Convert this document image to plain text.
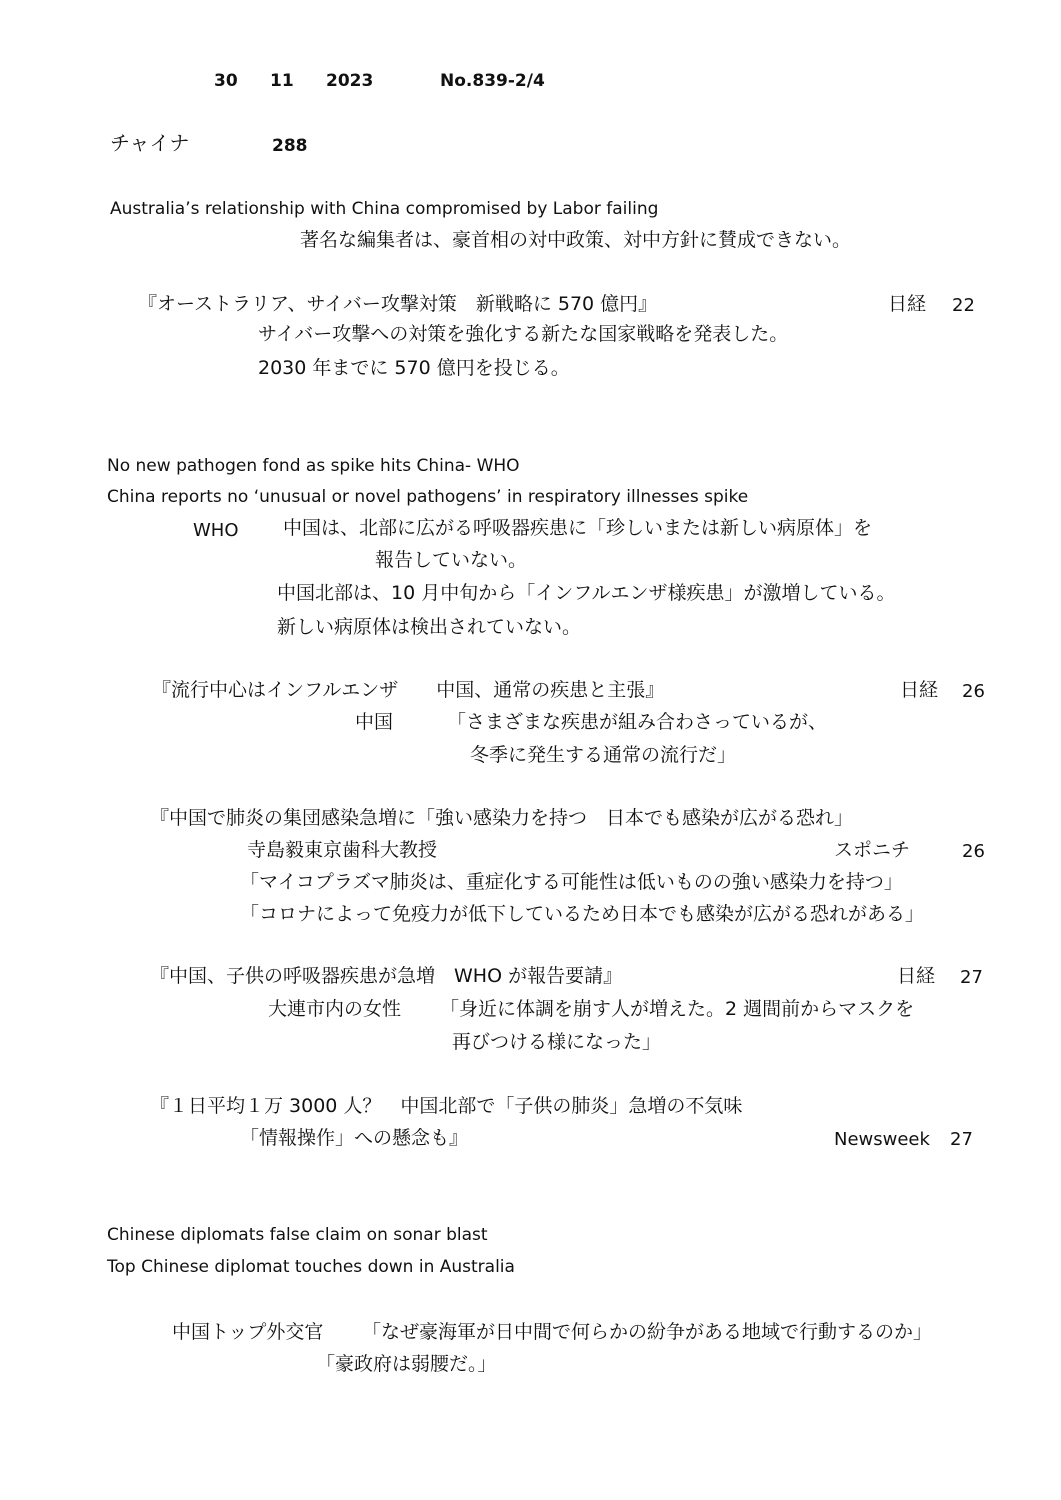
30 11 2023	No.839-2/4
チャイナ	288
Australia’s relationship with China compromised by Labor failing
著名な編集者は、豪首相の対中政策、対中方針に賛成できない。
『オーストラリア、サイバー攻撃対策　新戦略に 570 億円』	日経 22
サイバー攻撃への対策を強化する新たな国家戦略を発表した。
2030 年までに 570 億円を投じる。
No new pathogen fond as spike hits China- WHO
China reports no ‘unusual or novel pathogens’ in respiratory illnesses spike
WHO 中国は、北部に広がる呼吸器疾患に「珍しいまたは新しい病原体」を
報告していない。
中国北部は、10 月中旬から「インフルエンザ様疾患」が激増している。
新しい病原体は検出されていない。
『流行中心はインフルエンザ　　中国、通常の疾患と主張』	日経 26
中国	「さまざまな疾患が組み合わさっているが、
冬季に発生する通常の流行だ」
『中国で肺炎の集団感染急増に「強い感染力を持つ　日本でも感染が広がる恐れ」
寺島毅東京歯科大教授	スポニチ	26
「マイコプラズマ肺炎は、重症化する可能性は低いものの強い感染力を持つ」
「コロナによって免疫力が低下しているため日本でも感染が広がる恐れがある」
『中国、子供の呼吸器疾患が急増　WHO が報告要請』	日経 27
大連市内の女性 「身近に体調を崩す人が増えた。2 週間前からマスクを
再びつける様になった」
『１日平均１万 3000 人？　中国北部で「子供の肺炎」急増の不気味
「情報操作」への懸念も』	Newsweek 27
Chinese diplomats false claim on sonar blast
Top Chinese diplomat touches down in Australia
中国トップ外交官 「なぜ豪海軍が日中間で何らかの紛争がある地域で行動するのか」
「豪政府は弱腰だ。」
